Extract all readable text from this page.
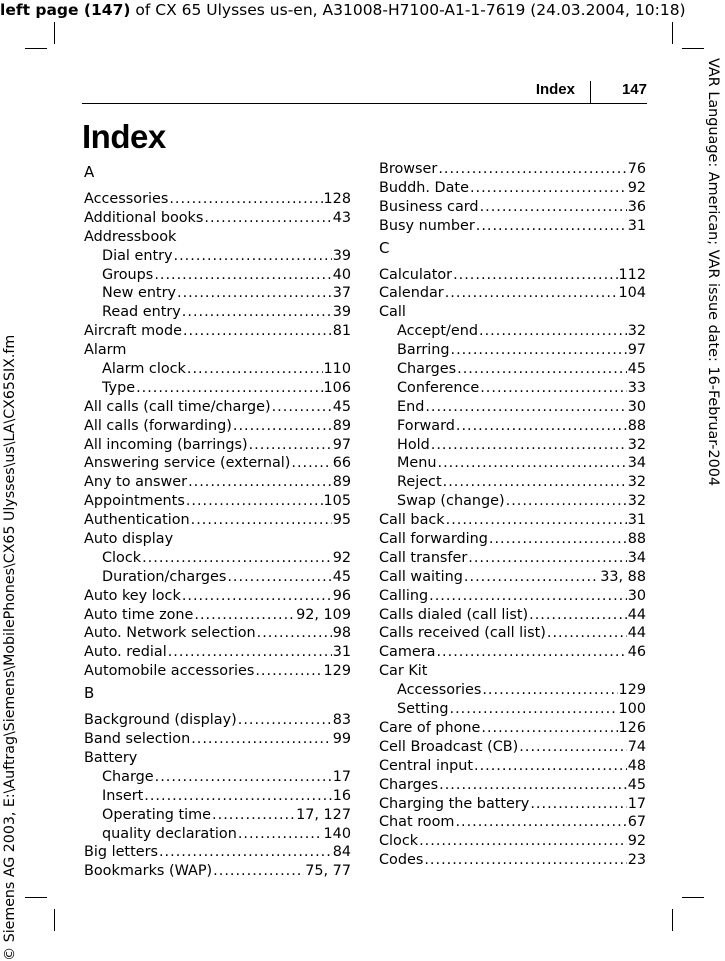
left page (147) of CX 65 Ulysses us-en, A31008-H7100-A1-1-7619 (24.03.2004, 10:18)
VAR Language: American; VAR issue date: 16-Februar-2004
© Siemens AG 2003, E:\Auftrag\Siemens\MobilePhones\CX65 Ulysses\us\LA\CX65SIX.fm
Index	147
Index
A
Accessories .....	128
Additional books .....	43
Addressbook
Dial entry .....	39
Groups .....	40
New entry .....	37
Read entry .....	39
Aircraft mode .....	81
Alarm
Alarm clock .....	110
Type .....	106
All calls (call time/charge) .....	45
All calls (forwarding) .....	89
All incoming (barrings) .....	97
Answering service (external) .....	66
Any to answer .....	89
Appointments .....	105
Authentication .....	95
Auto display
Clock .....	92
Duration/charges .....	45
Auto key lock .....	96
Auto time zone .....	92, 109
Auto. Network selection .....	98
Auto. redial .....	31
Automobile accessories .....	129
B
Background (display) .....	83
Band selection .....	99
Battery
Charge .....	17
Insert .....	16
Operating time .....	17, 127
quality declaration .....	140
Big letters .....	84
Bookmarks (WAP) .....	75, 77
Browser .....	76
Buddh. Date .....	92
Business card .....	36
Busy number .....	31
C
Calculator .....	112
Calendar .....	104
Call
Accept/end .....	32
Barring .....	97
Charges .....	45
Conference .....	33
End .....	30
Forward .....	88
Hold .....	32
Menu .....	34
Reject .....	32
Swap (change) .....	32
Call back .....	31
Call forwarding .....	88
Call transfer .....	34
Call waiting .....	33, 88
Calling .....	30
Calls dialed (call list) .....	44
Calls received (call list) .....	44
Camera .....	46
Car Kit
Accessories .....	129
Setting .....	100
Care of phone .....	126
Cell Broadcast (CB) .....	74
Central input .....	48
Charges .....	45
Charging the battery .....	17
Chat room .....	67
Clock .....	92
Codes .....	23
